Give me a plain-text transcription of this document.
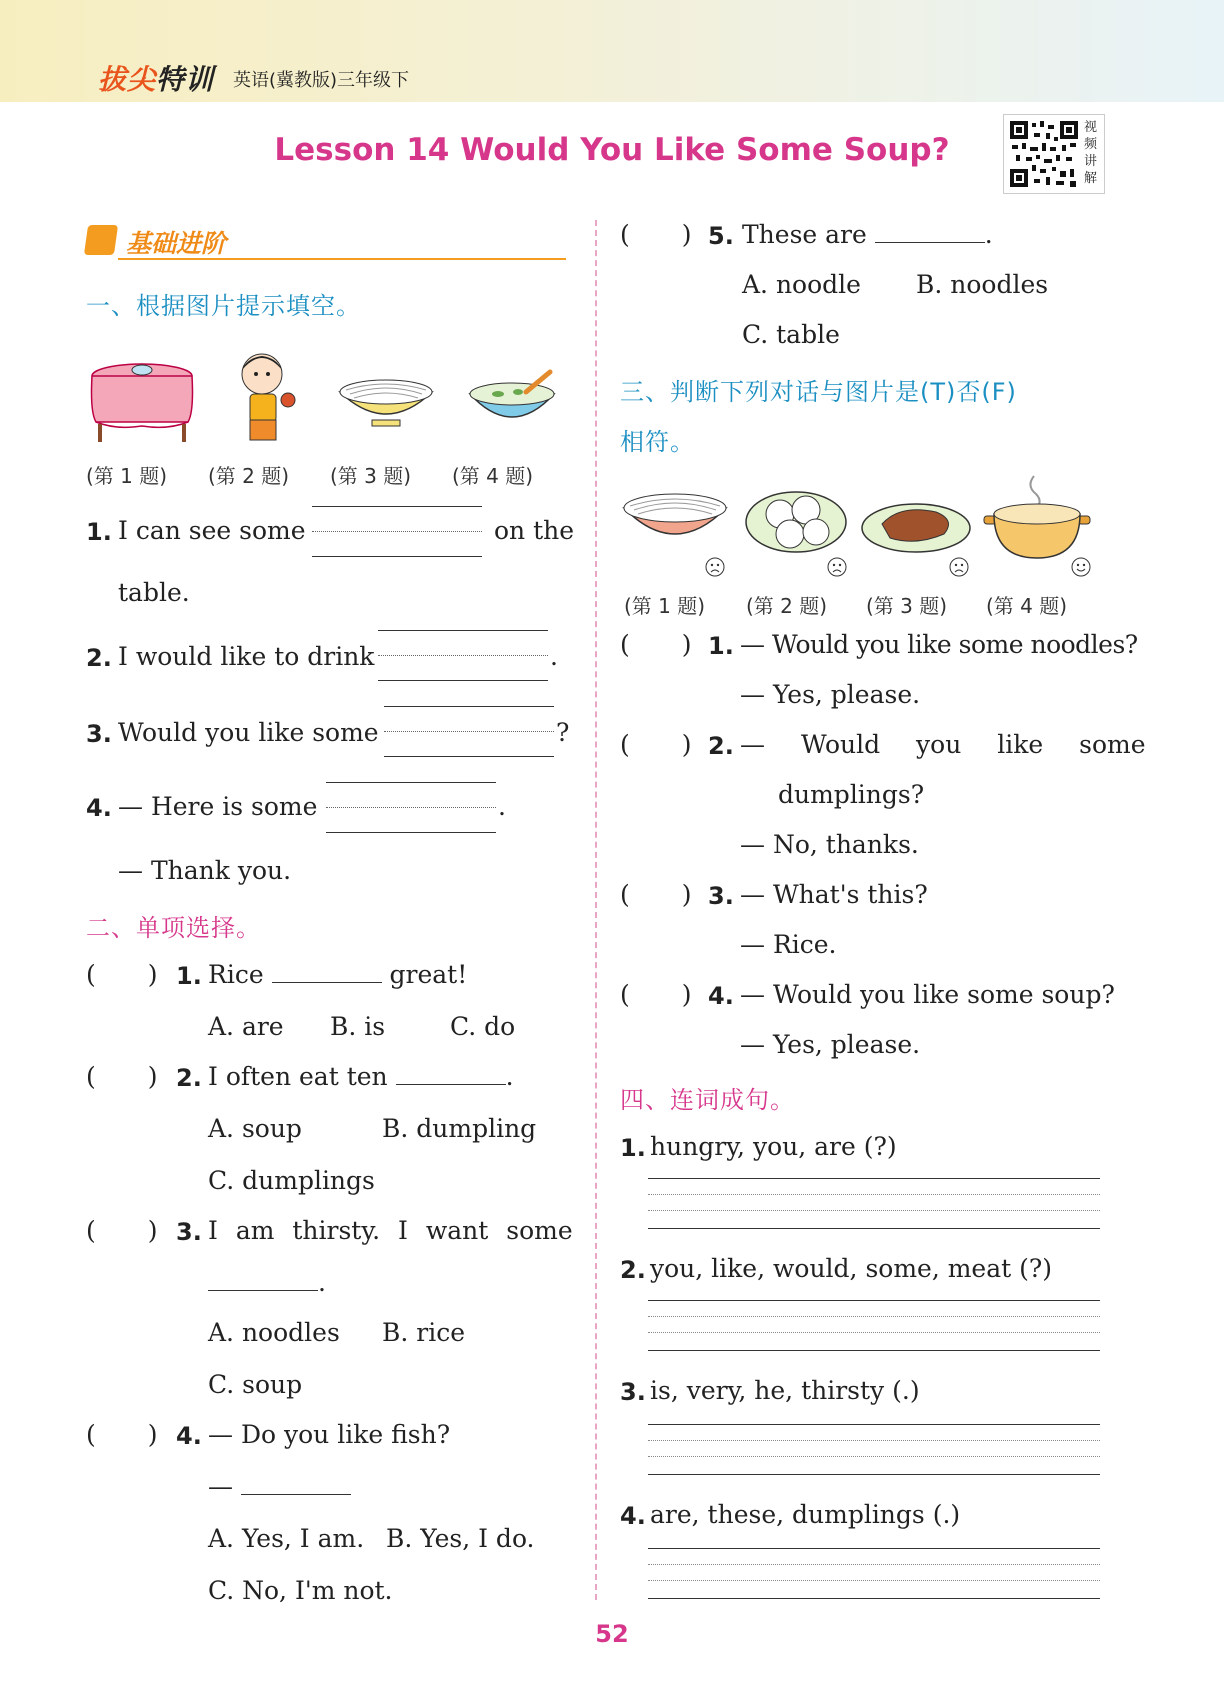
拔尖特训 英语(冀教版)三年级下
Lesson 14 Would You Like Some Soup?
视频讲解
基础进阶
一、根据图片提示填空。
(第 1 题) (第 2 题) (第 3 题) (第 4 题)
1. I can see some	on the
table.
2. I would like to drink	.
3. Would you like some	?
4. — Here is some	.
— Thank you.
二、单项选择。
( ) 1. Rice	great!
A. are B. is	C. do
( ) 2. I often eat ten	.
A. soup	B. dumpling
C. dumplings
( ) 3. I am thirsty. I want some
.
A. noodles B. rice
C. soup
( ) 4. — Do you like fish?
—
A. Yes, I am. B. Yes, I do.
C. No, I'm not.
( ) 5. These are	.
A. noodle B. noodles
C. table
三、判断下列对话与图片是(T)否(F)
相符。
(第 1 题) (第 2 题) (第 3 题) (第 4 题)
( ) 1. — Would you like some noodles?
— Yes, please.
( ) 2. — Would you like some
dumplings?
— No, thanks.
( ) 3. — What's this?
— Rice.
( ) 4. — Would you like some soup?
— Yes, please.
四、连词成句。
1. hungry, you, are (?)
2. you, like, would, some, meat (?)
3. is, very, he, thirsty (.)
4. are, these, dumplings (.)
52
